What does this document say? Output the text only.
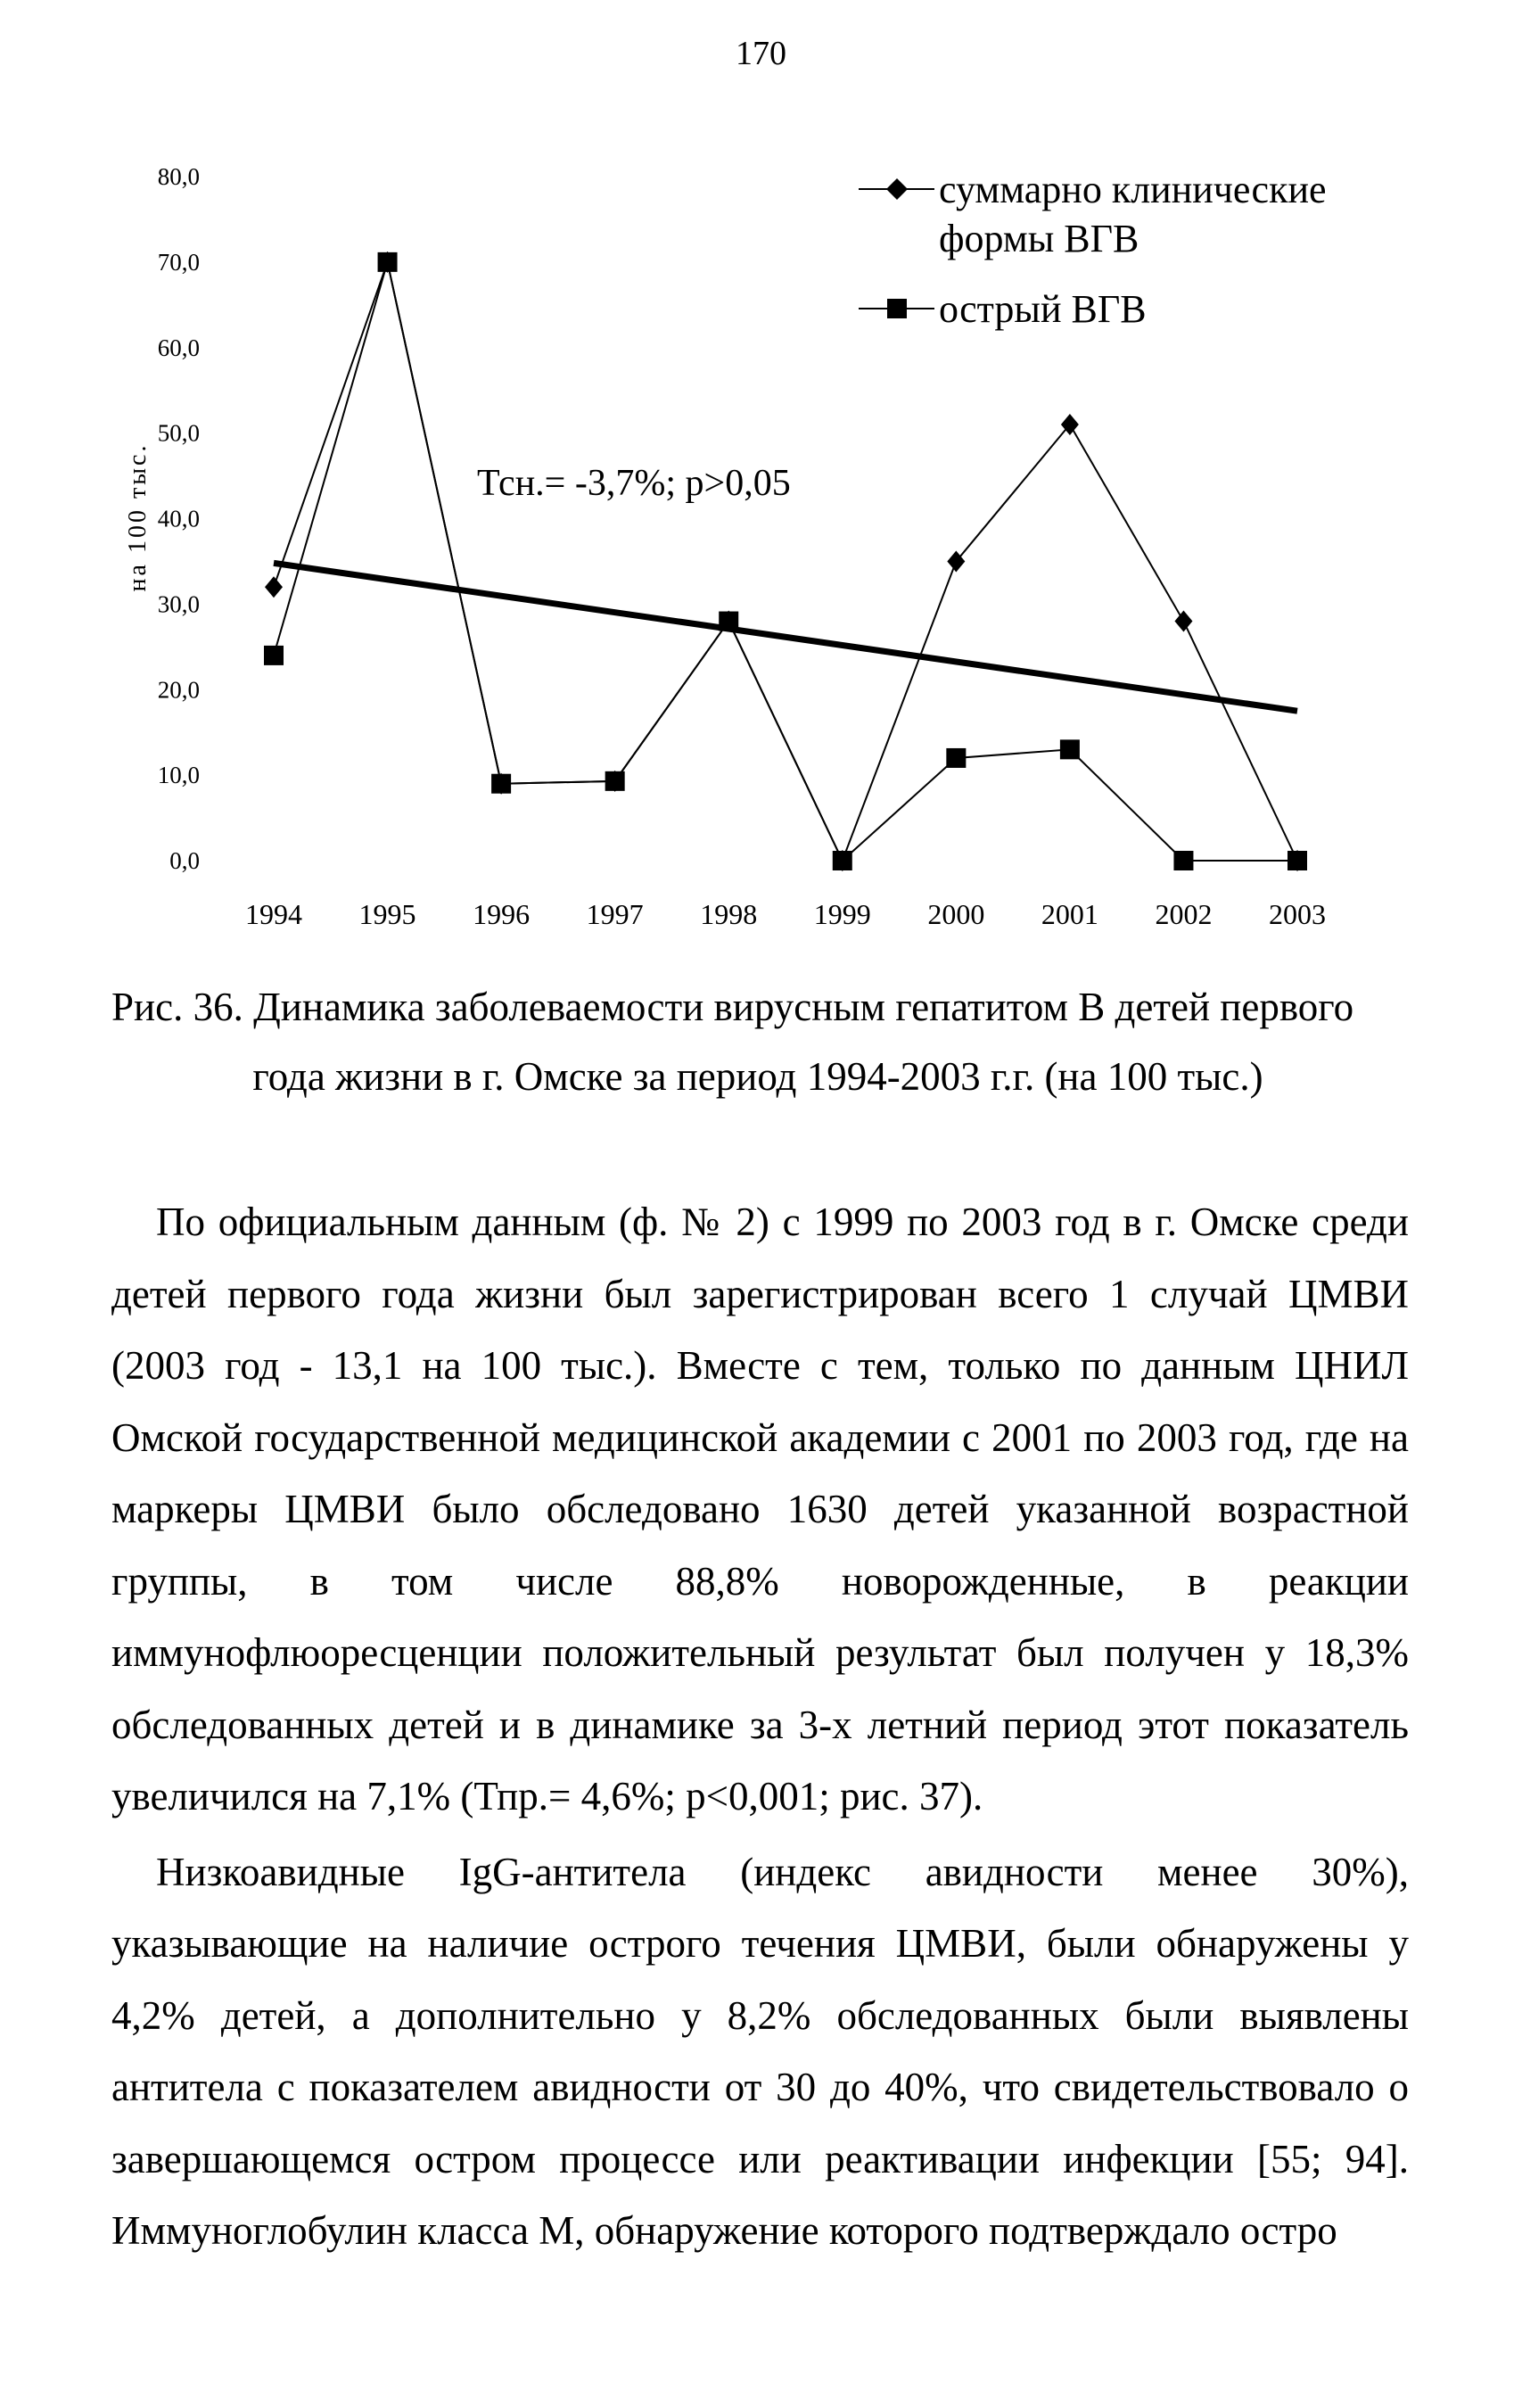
170
0,0
10,0
20,0
30,0
40,0
50,0
60,0
70,0
80,0
1994 1995 1996 1997 1998 1999 2000 2001 2002 2003
на 100 тыс.	Тсн.= -3,7%; р>0,05
суммарно клинические
формы ВГВ
острый ВГВ
Рис. 36. Динамика заболеваемости вирусным гепатитом В детей первого
года жизни в г. Омске за период 1994-2003 г.г. (на 100 тыс.)

По официальным данным (ф. № 2) с 1999 по 2003 год в г. Омске среди детей первого года жизни был зарегистрирован всего 1 случай ЦМВИ (2003 год - 13,1 на 100 тыс.). Вместе с тем, только по данным ЦНИЛ Омской государственной медицинской академии с 2001 по 2003 год, где на маркеры ЦМВИ было обследовано 1630 детей указанной возрастной группы, в том числе 88,8% новорожденные, в реакции иммунофлюоресценции положительный результат был получен у 18,3% обследованных детей и в динамике за 3-х летний период этот показатель увеличился на 7,1% (Тпр.= 4,6%; р<0,001; рис. 37).

Низкоавидные IgG-антитела (индекс авидности менее 30%), указывающие на наличие острого течения ЦМВИ, были обнаружены у 4,2% детей, а дополнительно у 8,2% обследованных были выявлены антитела с показателем авидности от 30 до 40%, что свидетельствовало о завершающемся остром процессе или реактивации инфекции [55; 94]. Иммуноглобулин класса М, обнаружение которого подтверждало остро
